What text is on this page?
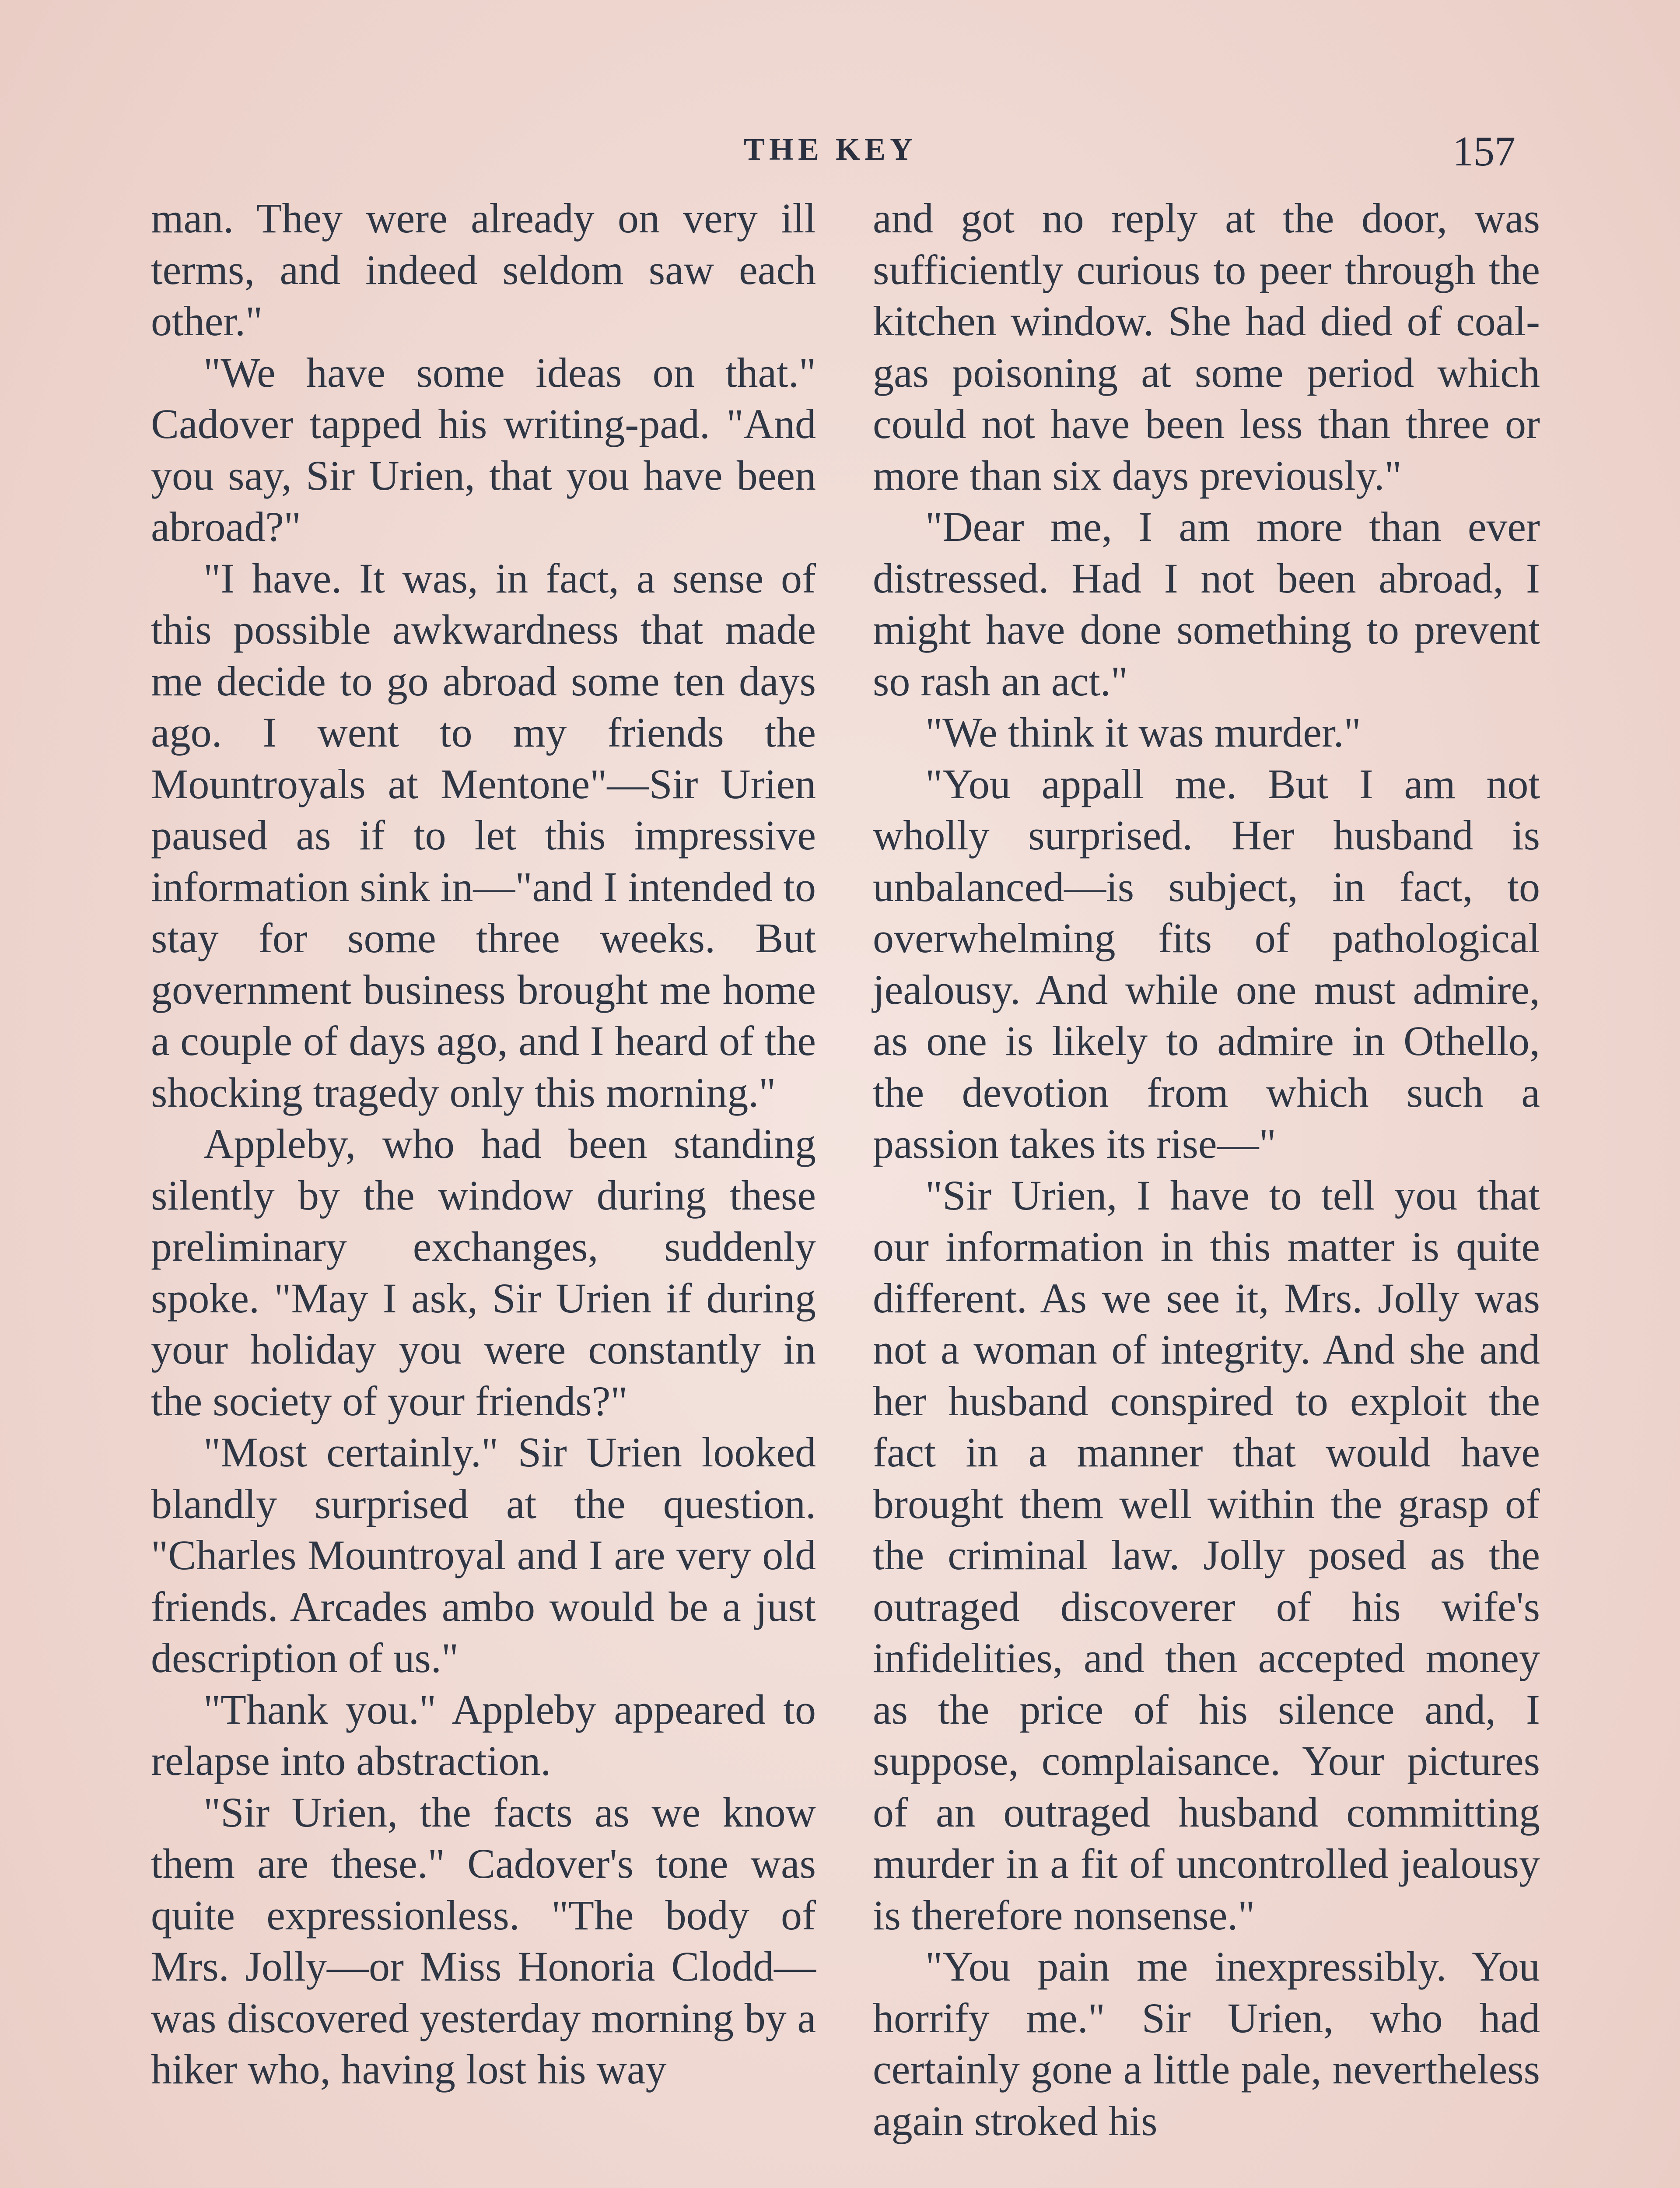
THE KEY	157

man. They were already on very ill terms, and indeed seldom saw each other."

"We have some ideas on that." Cadover tapped his writing-pad. "And you say, Sir Urien, that you have been abroad?"

"I have. It was, in fact, a sense of this possible awkwardness that made me decide to go abroad some ten days ago. I went to my friends the Mountroyals at Mentone"—Sir Urien paused as if to let this impressive information sink in—"and I intended to stay for some three weeks. But government business brought me home a couple of days ago, and I heard of the shocking tragedy only this morning."

Appleby, who had been standing silently by the window during these preliminary exchanges, suddenly spoke. "May I ask, Sir Urien if during your holiday you were constantly in the society of your friends?"

"Most certainly." Sir Urien looked blandly surprised at the question. "Charles Mountroyal and I are very old friends. Arcades ambo would be a just description of us."

"Thank you." Appleby appeared to relapse into abstraction.

"Sir Urien, the facts as we know them are these." Cadover's tone was quite expressionless. "The body of Mrs. Jolly—or Miss Honoria Clodd—was discovered yesterday morning by a hiker who, having lost his way

and got no reply at the door, was sufficiently curious to peer through the kitchen window. She had died of coal-gas poisoning at some period which could not have been less than three or more than six days previously."

"Dear me, I am more than ever distressed. Had I not been abroad, I might have done something to prevent so rash an act."

"We think it was murder."

"You appall me. But I am not wholly surprised. Her husband is unbalanced—is subject, in fact, to overwhelming fits of pathological jealousy. And while one must admire, as one is likely to admire in Othello, the devotion from which such a passion takes its rise—"

"Sir Urien, I have to tell you that our information in this matter is quite different. As we see it, Mrs. Jolly was not a woman of integrity. And she and her husband conspired to exploit the fact in a manner that would have brought them well within the grasp of the criminal law. Jolly posed as the outraged discoverer of his wife's infidelities, and then accepted money as the price of his silence and, I suppose, complaisance. Your pictures of an outraged husband committing murder in a fit of uncontrolled jealousy is therefore nonsense."

"You pain me inexpressibly. You horrify me." Sir Urien, who had certainly gone a little pale, nevertheless again stroked his
